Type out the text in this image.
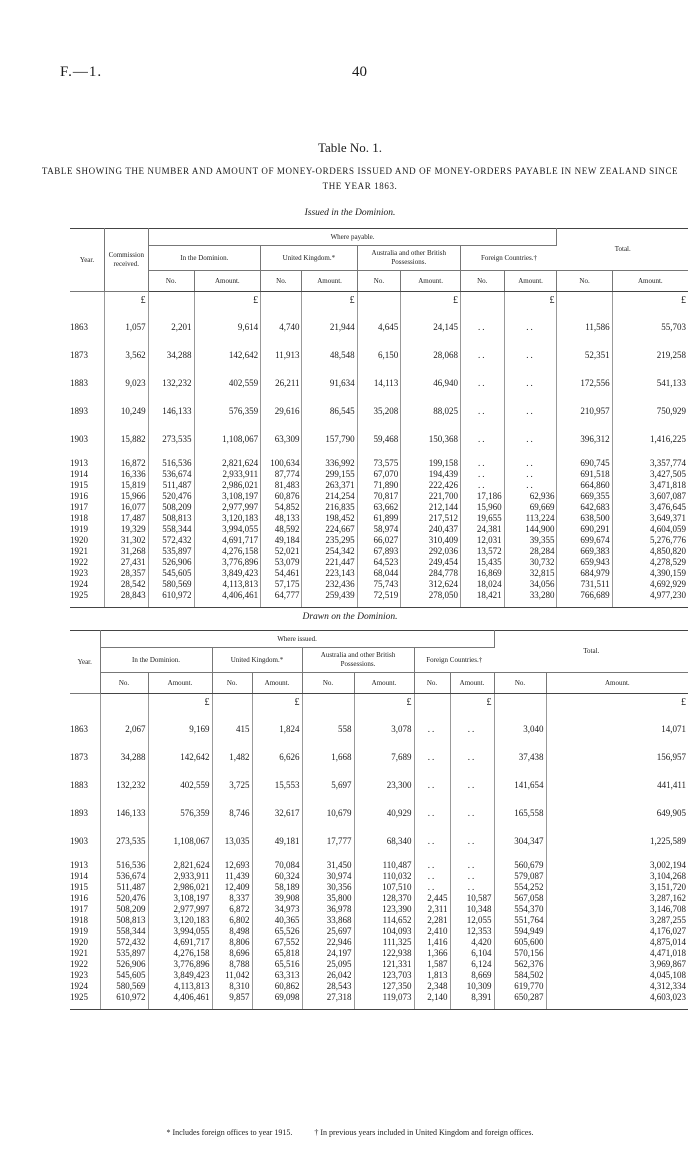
F.—1.	40
Table No. 1.
TABLE SHOWING THE NUMBER AND AMOUNT OF MONEY-ORDERS ISSUED AND OF MONEY-ORDERS PAYABLE IN NEW ZEALAND SINCE THE YEAR 1863.
Issued in the Dominion.
Year.	Commission received.	Where payable.								Total.	
		In the Dominion.		United Kingdom.*		Australia and other British Possessions.		Foreign Countries.†			
		No.	Amount.	No.	Amount.	No.	Amount.	No.	Amount.	No.	Amount.
	£		£		£		£		£		£
1863	1,057	2,201	9,614	4,740	21,944	4,645	24,145	..	..	11,586	55,703
1873	3,562	34,288	142,642	11,913	48,548	6,150	28,068	..	..	52,351	219,258
1883	9,023	132,232	402,559	26,211	91,634	14,113	46,940	..	..	172,556	541,133
1893	10,249	146,133	576,359	29,616	86,545	35,208	88,025	..	..	210,957	750,929
1903	15,882	273,535	1,108,067	63,309	157,790	59,468	150,368	..	..	396,312	1,416,225

1913	16,872	516,536	2,821,624	100,634	336,992	73,575	199,158	..	..	690,745	3,357,774
1914	16,336	536,674	2,933,911	87,774	299,155	67,070	194,439	..	..	691,518	3,427,505
1915	15,819	511,487	2,986,021	81,483	263,371	71,890	222,426	..	..	664,860	3,471,818
1916	15,966	520,476	3,108,197	60,876	214,254	70,817	221,700	17,186	62,936	669,355	3,607,087
1917	16,077	508,209	2,977,997	54,852	216,835	63,662	212,144	15,960	69,669	642,683	3,476,645
1918	17,487	508,813	3,120,183	48,133	198,452	61,899	217,512	19,655	113,224	638,500	3,649,371
1919	19,329	558,344	3,994,055	48,592	224,667	58,974	240,437	24,381	144,900	690,291	4,604,059
1920	31,302	572,432	4,691,717	49,184	235,295	66,027	310,409	12,031	39,355	699,674	5,276,776
1921	31,268	535,897	4,276,158	52,021	254,342	67,893	292,036	13,572	28,284	669,383	4,850,820
1922	27,431	526,906	3,776,896	53,079	221,447	64,523	249,454	15,435	30,732	659,943	4,278,529
1923	28,357	545,605	3,849,423	54,461	223,143	68,044	284,778	16,869	32,815	684,979	4,390,159
1924	28,542	580,569	4,113,813	57,175	232,436	75,743	312,624	18,024	34,056	731,511	4,692,929
1925	28,843	610,972	4,406,461	64,777	259,439	72,519	278,050	18,421	33,280	766,689	4,977,230

Drawn on the Dominion.
Year.	Where issued.								Total.	
	In the Dominion.		United Kingdom.*		Australia and other British Possessions.		Foreign Countries.†			
	No.	Amount.	No.	Amount.	No.	Amount.	No.	Amount.	No.	Amount.
		£		£		£		£		£
1863	2,067	9,169	415	1,824	558	3,078	..	..	3,040	14,071
1873	34,288	142,642	1,482	6,626	1,668	7,689	..	..	37,438	156,957
1883	132,232	402,559	3,725	15,553	5,697	23,300	..	..	141,654	441,411
1893	146,133	576,359	8,746	32,617	10,679	40,929	..	..	165,558	649,905
1903	273,535	1,108,067	13,035	49,181	17,777	68,340	..	..	304,347	1,225,589

1913	516,536	2,821,624	12,693	70,084	31,450	110,487	..	..	560,679	3,002,194
1914	536,674	2,933,911	11,439	60,324	30,974	110,032	..	..	579,087	3,104,268
1915	511,487	2,986,021	12,409	58,189	30,356	107,510	..	..	554,252	3,151,720
1916	520,476	3,108,197	8,337	39,908	35,800	128,370	2,445	10,587	567,058	3,287,162
1917	508,209	2,977,997	6,872	34,973	36,978	123,390	2,311	10,348	554,370	3,146,708
1918	508,813	3,120,183	6,802	40,365	33,868	114,652	2,281	12,055	551,764	3,287,255
1919	558,344	3,994,055	8,498	65,526	25,697	104,093	2,410	12,353	594,949	4,176,027
1920	572,432	4,691,717	8,806	67,552	22,946	111,325	1,416	4,420	605,600	4,875,014
1921	535,897	4,276,158	8,696	65,818	24,197	122,938	1,366	6,104	570,156	4,471,018
1922	526,906	3,776,896	8,788	65,516	25,095	121,331	1,587	6,124	562,376	3,969,867
1923	545,605	3,849,423	11,042	63,313	26,042	123,703	1,813	8,669	584,502	4,045,108
1924	580,569	4,113,813	8,310	60,862	28,543	127,350	2,348	10,309	619,770	4,312,334
1925	610,972	4,406,461	9,857	69,098	27,318	119,073	2,140	8,391	650,287	4,603,023

* Includes foreign offices to year 1915.	† In previous years included in United Kingdom and foreign offices.
